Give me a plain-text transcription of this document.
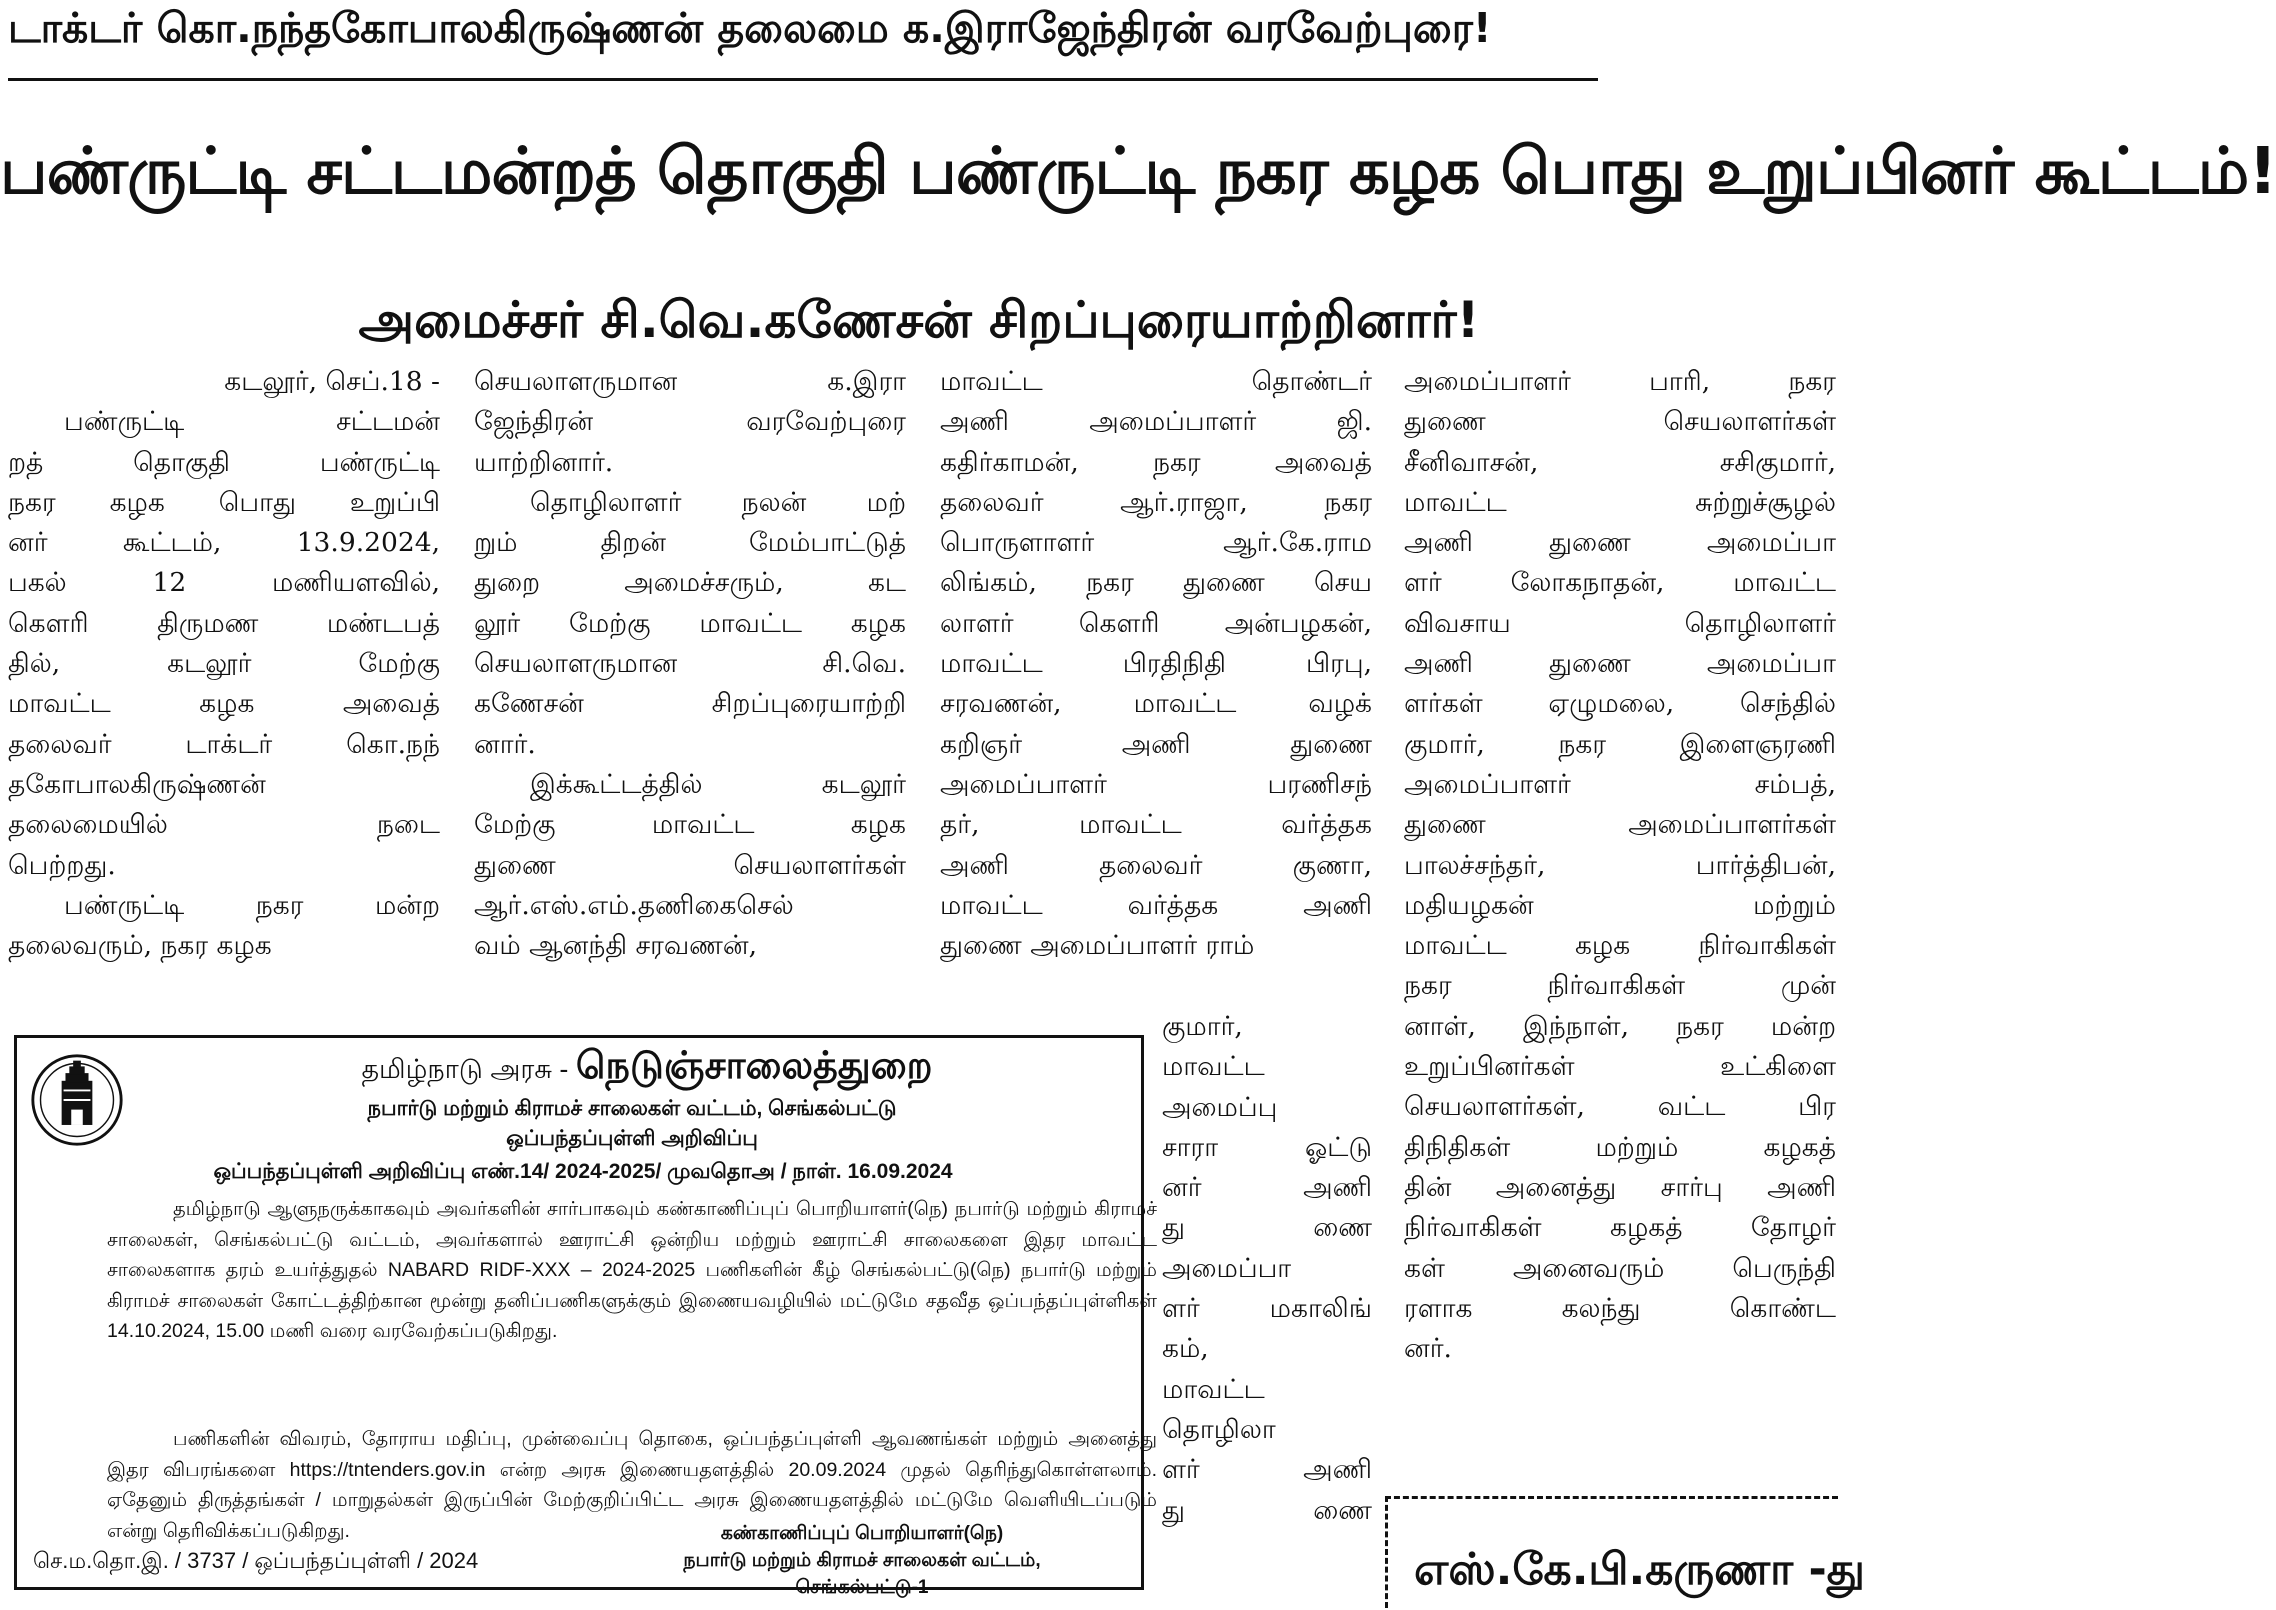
டாக்டர் கொ.நந்தகோபாலகிருஷ்ணன் தலைமை க.இராஜேந்திரன் வரவேற்புரை!
பண்ருட்டி சட்டமன்றத் தொகுதி பண்ருட்டி நகர கழக பொது உறுப்பினர் கூட்டம்!
அமைச்சர் சி.வெ.கணேசன் சிறப்புரையாற்றினார்!
கடலூர், செப்.18 -
பண்ருட்டி சட்டமன்
றத் தொகுதி பண்ருட்டி
நகர கழக பொது உறுப்பி
னர் கூட்டம், 13.9.2024,
பகல் 12 மணியளவில்,
கௌரி திருமண மண்டபத்
தில், கடலூர் மேற்கு
மாவட்ட கழக அவைத்
தலைவர் டாக்டர் கொ.நந்
தகோபாலகிருஷ்ணன்
தலைமையில் நடை
பெற்றது.
பண்ருட்டி நகர மன்ற
தலைவரும், நகர கழக
செயலாளருமான க.இரா
ஜேந்திரன் வரவேற்புரை
யாற்றினார்.
தொழிலாளர் நலன் மற்
றும் திறன் மேம்பாட்டுத்
துறை அமைச்சரும், கட
லூர் மேற்கு மாவட்ட கழக
செயலாளருமான சி.வெ.
கணேசன் சிறப்புரையாற்றி
னார்.
இக்கூட்டத்தில் கடலூர்
மேற்கு மாவட்ட கழக
துணை செயலாளர்கள்
ஆர்.எஸ்.எம்.தணிகைசெல்
வம் ஆனந்தி சரவணன்,
மாவட்ட தொண்டர்
அணி அமைப்பாளர் ஜி.
கதிர்காமன், நகர அவைத்
தலைவர் ஆர்.ராஜா, நகர
பொருளாளர் ஆர்.கே.ராம
லிங்கம், நகர துணை செய
லாளர் கௌரி அன்பழகன்,
மாவட்ட பிரதிநிதி பிரபு,
சரவணன், மாவட்ட வழக்
கறிஞர் அணி துணை
அமைப்பாளர் பரணிசந்
தர், மாவட்ட வர்த்தக
அணி தலைவர் குணா,
மாவட்ட வர்த்தக அணி
துணை அமைப்பாளர் ராம்
குமார்,
மாவட்ட
அமைப்பு
சாரா ஓட்டு
னர் அணி
து ணை
அமைப்பா
ளர் மகாலிங்
கம்,
மாவட்ட
தொழிலா
ளர் அணி
து ணை
அமைப்பாளர் பாரி, நகர
துணை செயலாளர்கள்
சீனிவாசன், சசிகுமார்,
மாவட்ட சுற்றுச்சூழல்
அணி துணை அமைப்பா
ளர் லோகநாதன், மாவட்ட
விவசாய தொழிலாளர்
அணி துணை அமைப்பா
ளர்கள் ஏழுமலை, செந்தில்
குமார், நகர இளைஞரணி
அமைப்பாளர் சம்பத்,
துணை அமைப்பாளர்கள்
பாலச்சந்தர், பார்த்திபன்,
மதியழகன் மற்றும்
மாவட்ட கழக நிர்வாகிகள்
நகர நிர்வாகிகள் முன்
னாள், இந்நாள், நகர மன்ற
உறுப்பினர்கள் உட்கிளை
செயலாளர்கள், வட்ட பிர
திநிதிகள் மற்றும் கழகத்
தின் அனைத்து சார்பு அணி
நிர்வாகிகள் கழகத் தோழர்
கள் அனைவரும் பெருந்தி
ரளாக கலந்து கொண்ட
னர்.
தமிழ்நாடு அரசு - நெடுஞ்சாலைத்துறை
நபார்டு மற்றும் கிராமச் சாலைகள் வட்டம், செங்கல்பட்டு
ஒப்பந்தப்புள்ளி அறிவிப்பு
ஒப்பந்தப்புள்ளி அறிவிப்பு எண்.14/ 2024-2025/ முவதொஅ / நாள். 16.09.2024

தமிழ்நாடு ஆளுநருக்காகவும் அவர்களின் சார்பாகவும் கண்காணிப்புப் பொறியாளர்(நெ) நபார்டு மற்றும் கிராமச் சாலைகள், செங்கல்பட்டு வட்டம், அவர்களால் ஊராட்சி ஒன்றிய மற்றும் ஊராட்சி சாலைகளை இதர மாவட்ட சாலைகளாக தரம் உயர்த்துதல் NABARD RIDF-XXX – 2024-2025 பணிகளின் கீழ் செங்கல்பட்டு(நெ) நபார்டு மற்றும் கிராமச் சாலைகள் கோட்டத்திற்கான மூன்று தனிப்பணிகளுக்கும் இணையவழியில் மட்டுமே சதவீத ஒப்பந்தப்புள்ளிகள் 14.10.2024, 15.00 மணி வரை வரவேற்கப்படுகிறது.

பணிகளின் விவரம், தோராய மதிப்பு, முன்வைப்பு தொகை, ஒப்பந்தப்புள்ளி ஆவணங்கள் மற்றும் அனைத்து இதர விபரங்களை https://tntenders.gov.in என்ற அரசு இணையதளத்தில் 20.09.2024 முதல் தெரிந்துகொள்ளலாம். ஏதேனும் திருத்தங்கள் / மாறுதல்கள் இருப்பின் மேற்குறிப்பிட்ட அரசு இணையதளத்தில் மட்டுமே வெளியிடப்படும் என்று தெரிவிக்கப்படுகிறது.	கண்காணிப்புப் பொறியாளர்(நெ)
நபார்டு மற்றும் கிராமச் சாலைகள் வட்டம்,
செங்கல்பட்டு-1
செ.ம.தொ.இ. / 3737 / ஒப்பந்தப்புள்ளி / 2024	எஸ்.கே.பி.கருணா -து
